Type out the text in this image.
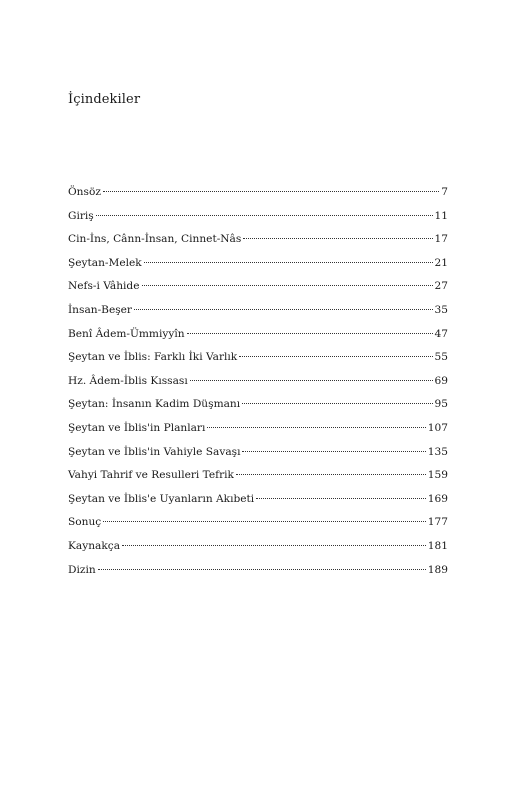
İçindekiler
Önsöz	7
Giriş	11
Cin-İns, Cânn-İnsan, Cinnet-Nâs	17
Şeytan-Melek	21
Nefs-i Vâhide	27
İnsan-Beşer	35
Benî Âdem-Ümmiyyîn	47
Şeytan ve İblis: Farklı İki Varlık	55
Hz. Âdem-İblis Kıssası	69
Şeytan: İnsanın Kadim Düşmanı	95
Şeytan ve İblis'in Planları	107
Şeytan ve İblis'in Vahiyle Savaşı	135
Vahyi Tahrif ve Resulleri Tefrik	159
Şeytan ve İblis'e Uyanların Akıbeti	169
Sonuç	177
Kaynakça	181
Dizin	189
